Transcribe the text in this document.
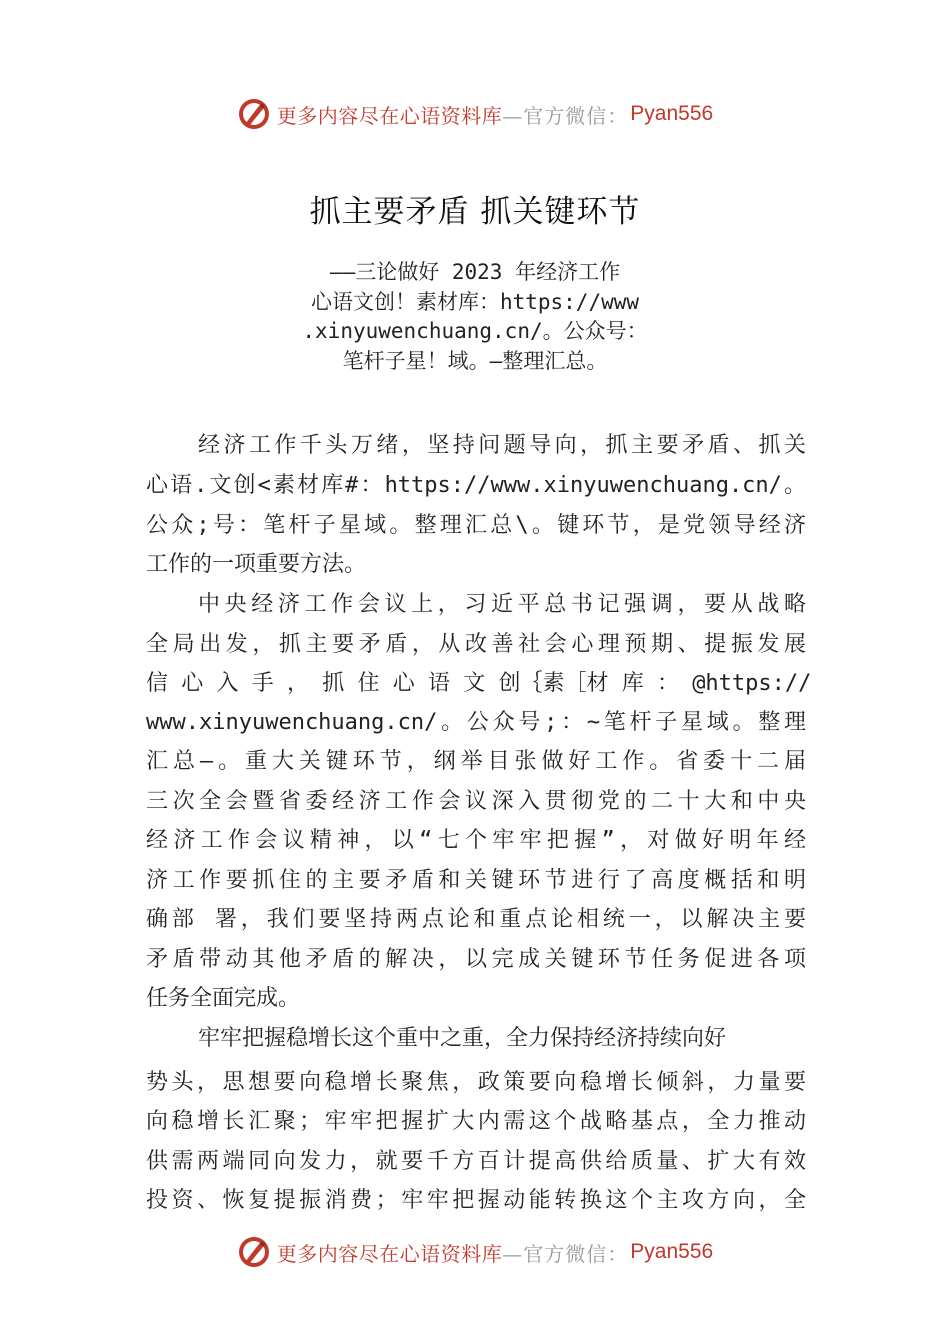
更多内容尽在心语资料库 —官方微信： Pyan556
抓主要矛盾 抓关键环节
——三论做好 2023 年经济工作
心语文创！素材库：https://www
.xinyuwenchuang.cn/。公众号：
笔杆子星！域。—整理汇总。
经济工作千头万绪，坚持问题导向，抓主要矛盾、抓关
心语.文创<素材库#：https://www.xinyuwenchuang.cn/。
公众;号：笔杆子星域。整理汇总\。键环节，是党领导经济
工作的一项重要方法。
中央经济工作会议上，习近平总书记强调，要从战略
全局出发，抓主要矛盾，从改善社会心理预期、提振发展
信 心 入 手 ， 抓 住 心 语 文 创｛素［材 库 ： @https://
www.xinyuwenchuang.cn/。公众号;：~笔杆子星域。整理
汇总—。重大关键环节，纲举目张做好工作。省委十二届
三次全会暨省委经济工作会议深入贯彻党的二十大和中央
经济工作会议精神，以“七个牢牢把握”，对做好明年经
济工作要抓住的主要矛盾和关键环节进行了高度概括和明
确部 署，我们要坚持两点论和重点论相统一，以解决主要
矛盾带动其他矛盾的解决，以完成关键环节任务促进各项
任务全面完成。
牢牢把握稳增长这个重中之重，全力保持经济持续向好
势头，思想要向稳增长聚焦，政策要向稳增长倾斜，力量要
向稳增长汇聚；牢牢把握扩大内需这个战略基点，全力推动
供需两端同向发力，就要千方百计提高供给质量、扩大有效
投资、恢复提振消费；牢牢把握动能转换这个主攻方向，全
更多内容尽在心语资料库 —官方微信： Pyan556
